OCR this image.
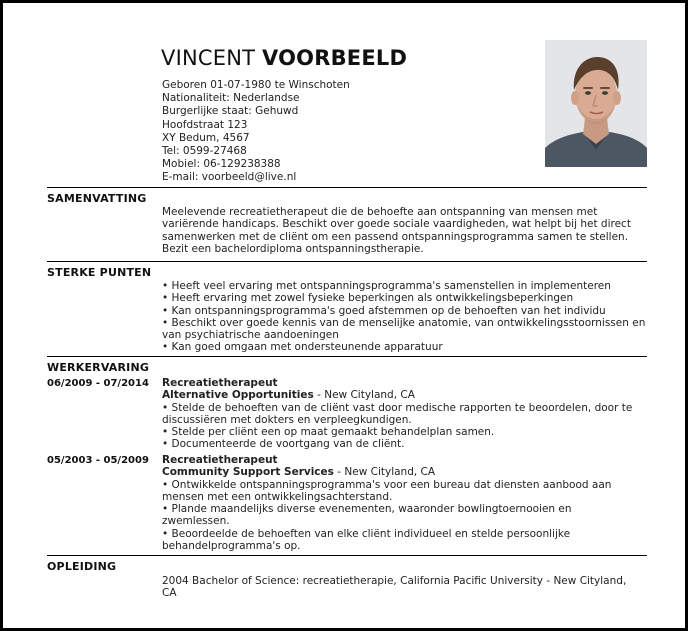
VINCENT VOORBEELD
Geboren 01-07-1980 te Winschoten
Nationaliteit: Nederlandse
Burgerlijke staat: Gehuwd
Hoofdstraat 123
XY Bedum, 4567
Tel: 0599-27468
Mobiel: 06-129238388
E-mail: voorbeeld@live.nl
SAMENVATTING
Meelevende recreatietherapeut die de behoefte aan ontspanning van mensen met
variërende handicaps. Beschikt over goede sociale vaardigheden, wat helpt bij het direct
samenwerken met de cliënt om een passend ontspanningsprogramma samen te stellen.
Bezit een bachelordiploma ontspanningstherapie.
STERKE PUNTEN
• Heeft veel ervaring met ontspanningsprogramma's samenstellen in implementeren
• Heeft ervaring met zowel fysieke beperkingen als ontwikkelingsbeperkingen
• Kan ontspanningsprogramma's goed afstemmen op de behoeften van het individu
• Beschikt over goede kennis van de menselijke anatomie, van ontwikkelingsstoornissen en
van psychiatrische aandoeningen
• Kan goed omgaan met ondersteunende apparatuur
WERKERVARING
06/2009 - 07/2014 Recreatietherapeut
Alternative Opportunities - New Cityland, CA
• Stelde de behoeften van de cliënt vast door medische rapporten te beoordelen, door te
discussiëren met dokters en verpleegkundigen.
• Stelde per cliënt een op maat gemaakt behandelplan samen.
• Documenteerde de voortgang van de cliënt.
05/2003 - 05/2009 Recreatietherapeut
Community Support Services - New Cityland, CA
• Ontwikkelde ontspanningsprogramma's voor een bureau dat diensten aanbood aan
mensen met een ontwikkelingsachterstand.
• Plande maandelijks diverse evenementen, waaronder bowlingtoernooien en
zwemlessen.
• Beoordeelde de behoeften van elke cliënt individueel en stelde persoonlijke
behandelprogramma's op.
OPLEIDING
2004 Bachelor of Science: recreatietherapie, California Pacific University - New Cityland,
CA
